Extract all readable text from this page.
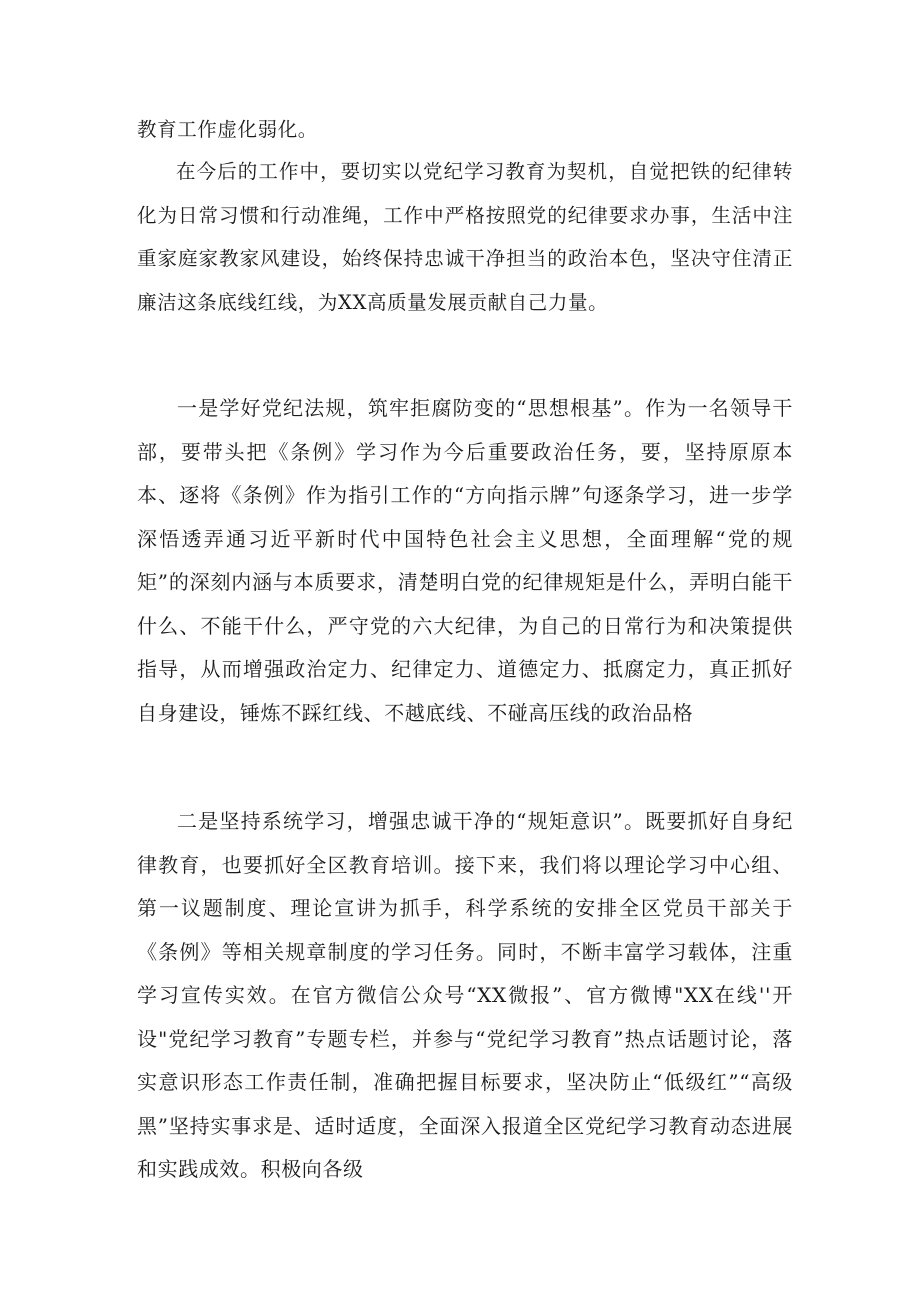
教育工作虚化弱化。

在今后的工作中，要切实以党纪学习教育为契机，自觉把铁的纪律转化为日常习惯和行动准绳，工作中严格按照党的纪律要求办事，生活中注重家庭家教家风建设，始终保持忠诚干净担当的政治本色，坚决守住清正廉洁这条底线红线，为XX高质量发展贡献自己力量。

一是学好党纪法规，筑牢拒腐防变的“思想根基”。作为一名领导干部，要带头把《条例》学习作为今后重要政治任务，要，坚持原原本本、逐将《条例》作为指引工作的“方向指示牌”句逐条学习，进一步学深悟透弄通习近平新时代中国特色社会主义思想，全面理解“党的规矩”的深刻内涵与本质要求，清楚明白党的纪律规矩是什么，弄明白能干什么、不能干什么，严守党的六大纪律，为自己的日常行为和决策提供指导，从而增强政治定力、纪律定力、道德定力、抵腐定力，真正抓好自身建设，锤炼不踩红线、不越底线、不碰高压线的政治品格

二是坚持系统学习，增强忠诚干净的“规矩意识”。既要抓好自身纪律教育，也要抓好全区教育培训。接下来，我们将以理论学习中心组、第一议题制度、理论宣讲为抓手，科学系统的安排全区党员干部关于《条例》等相关规章制度的学习任务。同时，不断丰富学习载体，注重学习宣传实效。在官方微信公众号“XX微报”、官方微博"XX在线''开设"党纪学习教育”专题专栏，并参与“党纪学习教育”热点话题讨论，落实意识形态工作责任制，准确把握目标要求，坚决防止“低级红”“高级黑”坚持实事求是、适时适度，全面深入报道全区党纪学习教育动态进展和实践成效。积极向各级
